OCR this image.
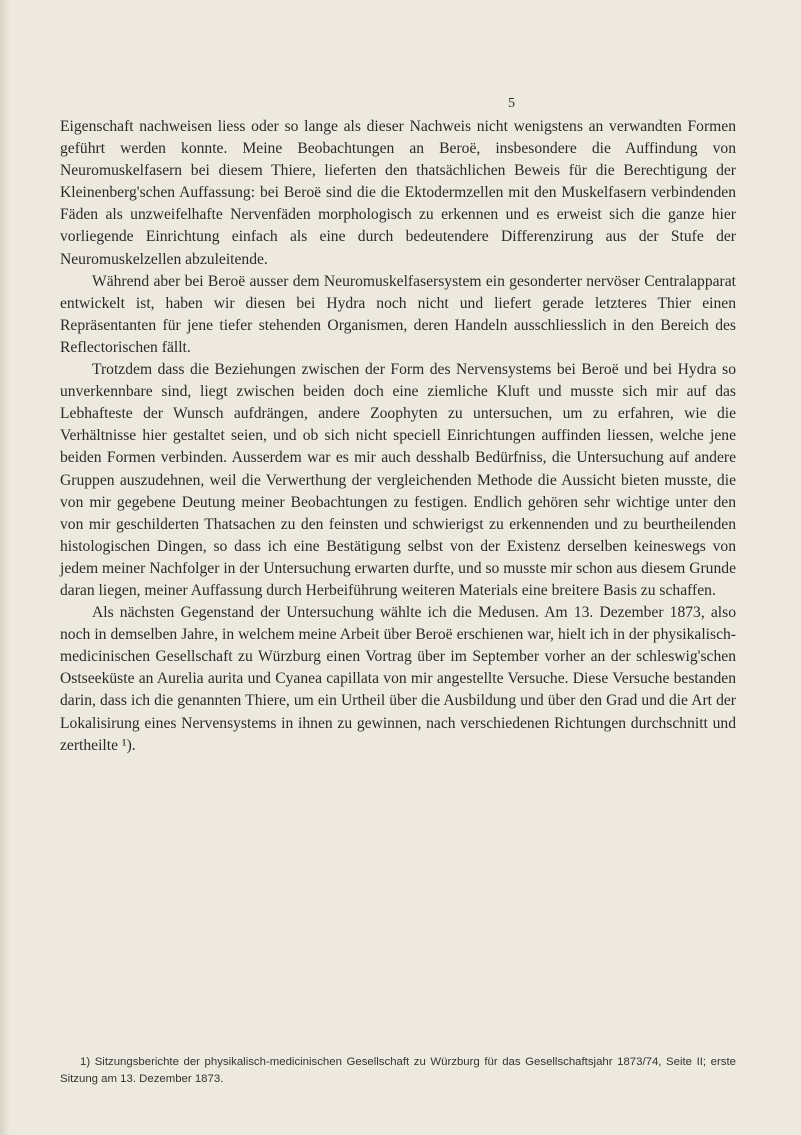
5

Eigenschaft nachweisen liess oder so lange als dieser Nachweis nicht wenigstens an verwandten Formen geführt werden konnte. Meine Beobachtungen an Beroë, insbesondere die Auffindung von Neuromuskelfasern bei diesem Thiere, lieferten den thatsächlichen Beweis für die Berechtigung der Kleinenberg'schen Auffassung: bei Beroë sind die die Ektodermzellen mit den Muskelfasern verbindenden Fäden als unzweifelhafte Nervenfäden morphologisch zu erkennen und es erweist sich die ganze hier vorliegende Einrichtung einfach als eine durch bedeutendere Differenzirung aus der Stufe der Neuromuskelzellen abzuleitende.

Während aber bei Beroë ausser dem Neuromuskelfasersystem ein gesonderter nervöser Centralapparat entwickelt ist, haben wir diesen bei Hydra noch nicht und liefert gerade letzteres Thier einen Repräsentanten für jene tiefer stehenden Organismen, deren Handeln ausschliesslich in den Bereich des Reflectorischen fällt.

Trotzdem dass die Beziehungen zwischen der Form des Nervensystems bei Beroë und bei Hydra so unverkennbare sind, liegt zwischen beiden doch eine ziemliche Kluft und musste sich mir auf das Lebhafteste der Wunsch aufdrängen, andere Zoophyten zu untersuchen, um zu erfahren, wie die Verhältnisse hier gestaltet seien, und ob sich nicht speciell Einrichtungen auffinden liessen, welche jene beiden Formen verbinden. Ausserdem war es mir auch desshalb Bedürfniss, die Untersuchung auf andere Gruppen auszudehnen, weil die Verwerthung der vergleichenden Methode die Aussicht bieten musste, die von mir gegebene Deutung meiner Beobachtungen zu festigen. Endlich gehören sehr wichtige unter den von mir geschilderten Thatsachen zu den feinsten und schwierigst zu erkennenden und zu beurtheilenden histologischen Dingen, so dass ich eine Bestätigung selbst von der Existenz derselben keineswegs von jedem meiner Nachfolger in der Untersuchung erwarten durfte, und so musste mir schon aus diesem Grunde daran liegen, meiner Auffassung durch Herbeiführung weiteren Materials eine breitere Basis zu schaffen.

Als nächsten Gegenstand der Untersuchung wählte ich die Medusen. Am 13. Dezember 1873, also noch in demselben Jahre, in welchem meine Arbeit über Beroë erschienen war, hielt ich in der physikalisch-medicinischen Gesellschaft zu Würzburg einen Vortrag über im September vorher an der schleswig'schen Ostseeküste an Aurelia aurita und Cyanea capillata von mir angestellte Versuche. Diese Versuche bestanden darin, dass ich die genannten Thiere, um ein Urtheil über die Ausbildung und über den Grad und die Art der Lokalisirung eines Nervensystems in ihnen zu gewinnen, nach verschiedenen Richtungen durchschnitt und zertheilte ¹).

1) Sitzungsberichte der physikalisch-medicinischen Gesellschaft zu Würzburg für das Gesellschaftsjahr 1873/74, Seite II; erste Sitzung am 13. Dezember 1873.
